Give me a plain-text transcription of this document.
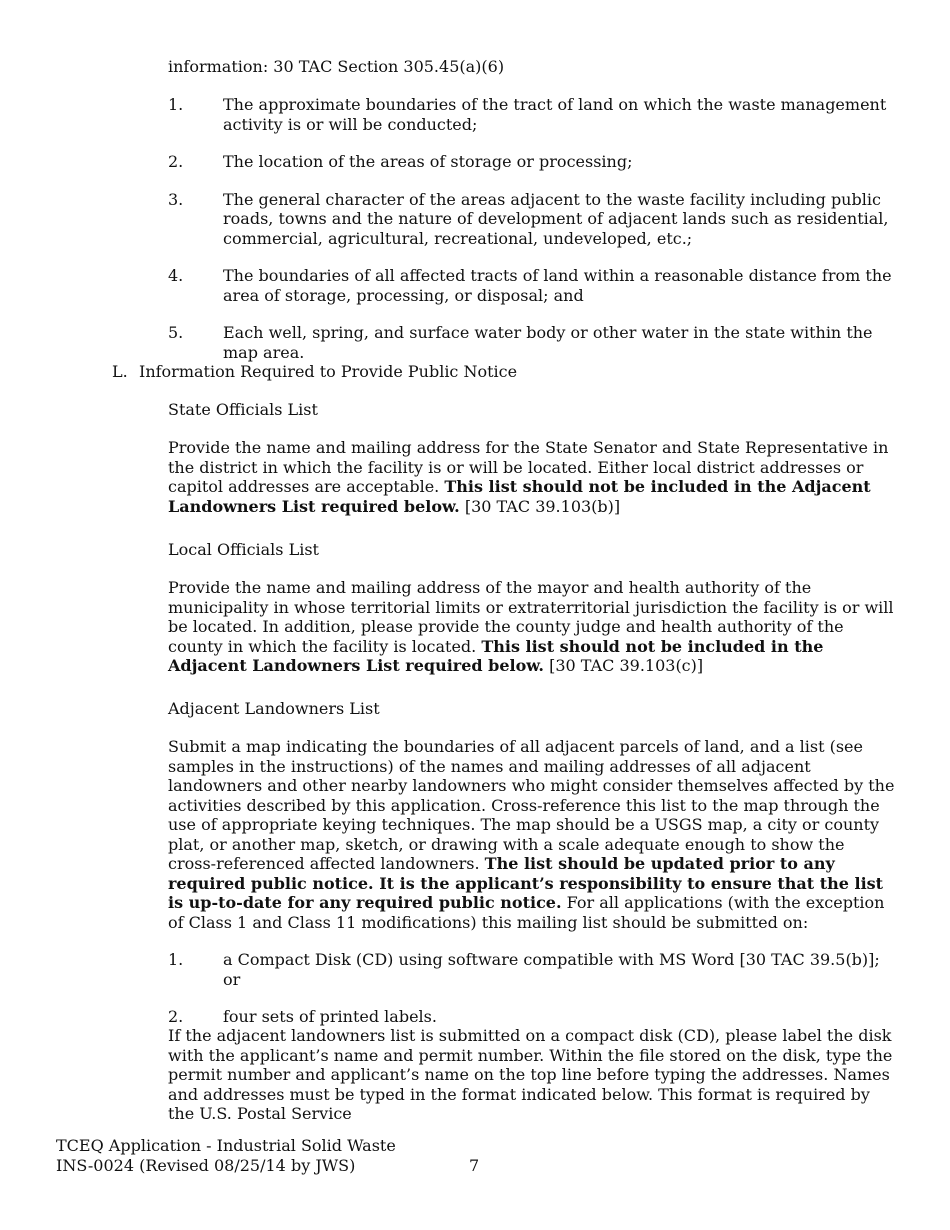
information: 30 TAC Section 305.45(a)(6)

1. The approximate boundaries of the tract of land on which the waste management activity is or will be conducted;
2. The location of the areas of storage or processing;
3. The general character of the areas adjacent to the waste facility including public roads, towns and the nature of development of adjacent lands such as residential, commercial, agricultural, recreational, undeveloped, etc.;
4. The boundaries of all affected tracts of land within a reasonable distance from the area of storage, processing, or disposal; and
5. Each well, spring, and surface water body or other water in the state within the map area.
L. Information Required to Provide Public Notice

State Officials List

Provide the name and mailing address for the State Senator and State Representative in the district in which the facility is or will be located. Either local district addresses or capitol addresses are acceptable. This list should not be included in the Adjacent Landowners List required below. [30 TAC 39.103(b)]

Local Officials List

Provide the name and mailing address of the mayor and health authority of the municipality in whose territorial limits or extraterritorial jurisdiction the facility is or will be located. In addition, please provide the county judge and health authority of the county in which the facility is located. This list should not be included in the Adjacent Landowners List required below. [30 TAC 39.103(c)]

Adjacent Landowners List

Submit a map indicating the boundaries of all adjacent parcels of land, and a list (see samples in the instructions) of the names and mailing addresses of all adjacent landowners and other nearby landowners who might consider themselves affected by the activities described by this application. Cross-reference this list to the map through the use of appropriate keying techniques. The map should be a USGS map, a city or county plat, or another map, sketch, or drawing with a scale adequate enough to show the cross-referenced affected landowners. The list should be updated prior to any required public notice. It is the applicant’s responsibility to ensure that the list is up-to-date for any required public notice. For all applications (with the exception of Class 1 and Class 11 modifications) this mailing list should be submitted on:

1. a Compact Disk (CD) using software compatible with MS Word [30 TAC 39.5(b)]; or
2. four sets of printed labels.

If the adjacent landowners list is submitted on a compact disk (CD), please label the disk with the applicant’s name and permit number. Within the file stored on the disk, type the permit number and applicant’s name on the top line before typing the addresses. Names and addresses must be typed in the format indicated below. This format is required by the U.S. Postal Service

TCEQ Application - Industrial Solid Waste
INS-0024 (Revised 08/25/14 by JWS)	7
